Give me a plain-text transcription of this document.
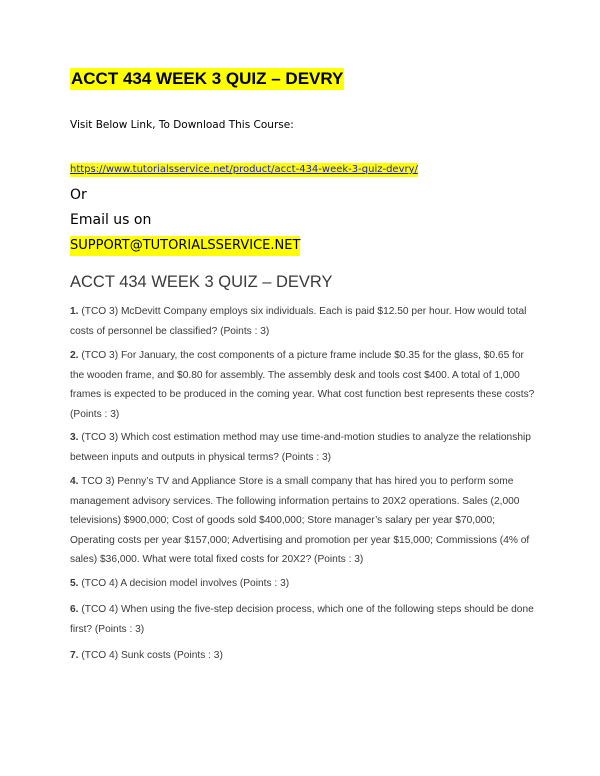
ACCT 434 WEEK 3 QUIZ – DEVRY
Visit Below Link, To Download This Course:
https://www.tutorialsservice.net/product/acct-434-week-3-quiz-devry/
Or
Email us on
SUPPORT@TUTORIALSSERVICE.NET
ACCT 434 WEEK 3 QUIZ – DEVRY
1. (TCO 3) McDevitt Company employs six individuals. Each is paid $12.50 per hour. How would total costs of personnel be classified? (Points : 3)
2. (TCO 3) For January, the cost components of a picture frame include $0.35 for the glass, $0.65 for the wooden frame, and $0.80 for assembly. The assembly desk and tools cost $400. A total of 1,000 frames is expected to be produced in the coming year. What cost function best represents these costs? (Points : 3)
3. (TCO 3) Which cost estimation method may use time-and-motion studies to analyze the relationship between inputs and outputs in physical terms? (Points : 3)
4. TCO 3) Penny’s TV and Appliance Store is a small company that has hired you to perform some management advisory services. The following information pertains to 20X2 operations. Sales (2,000 televisions) $900,000; Cost of goods sold $400,000; Store manager’s salary per year $70,000; Operating costs per year $157,000; Advertising and promotion per year $15,000; Commissions (4% of sales) $36,000. What were total fixed costs for 20X2? (Points : 3)
5. (TCO 4) A decision model involves (Points : 3)
6. (TCO 4) When using the five-step decision process, which one of the following steps should be done first? (Points : 3)
7. (TCO 4) Sunk costs (Points : 3)
